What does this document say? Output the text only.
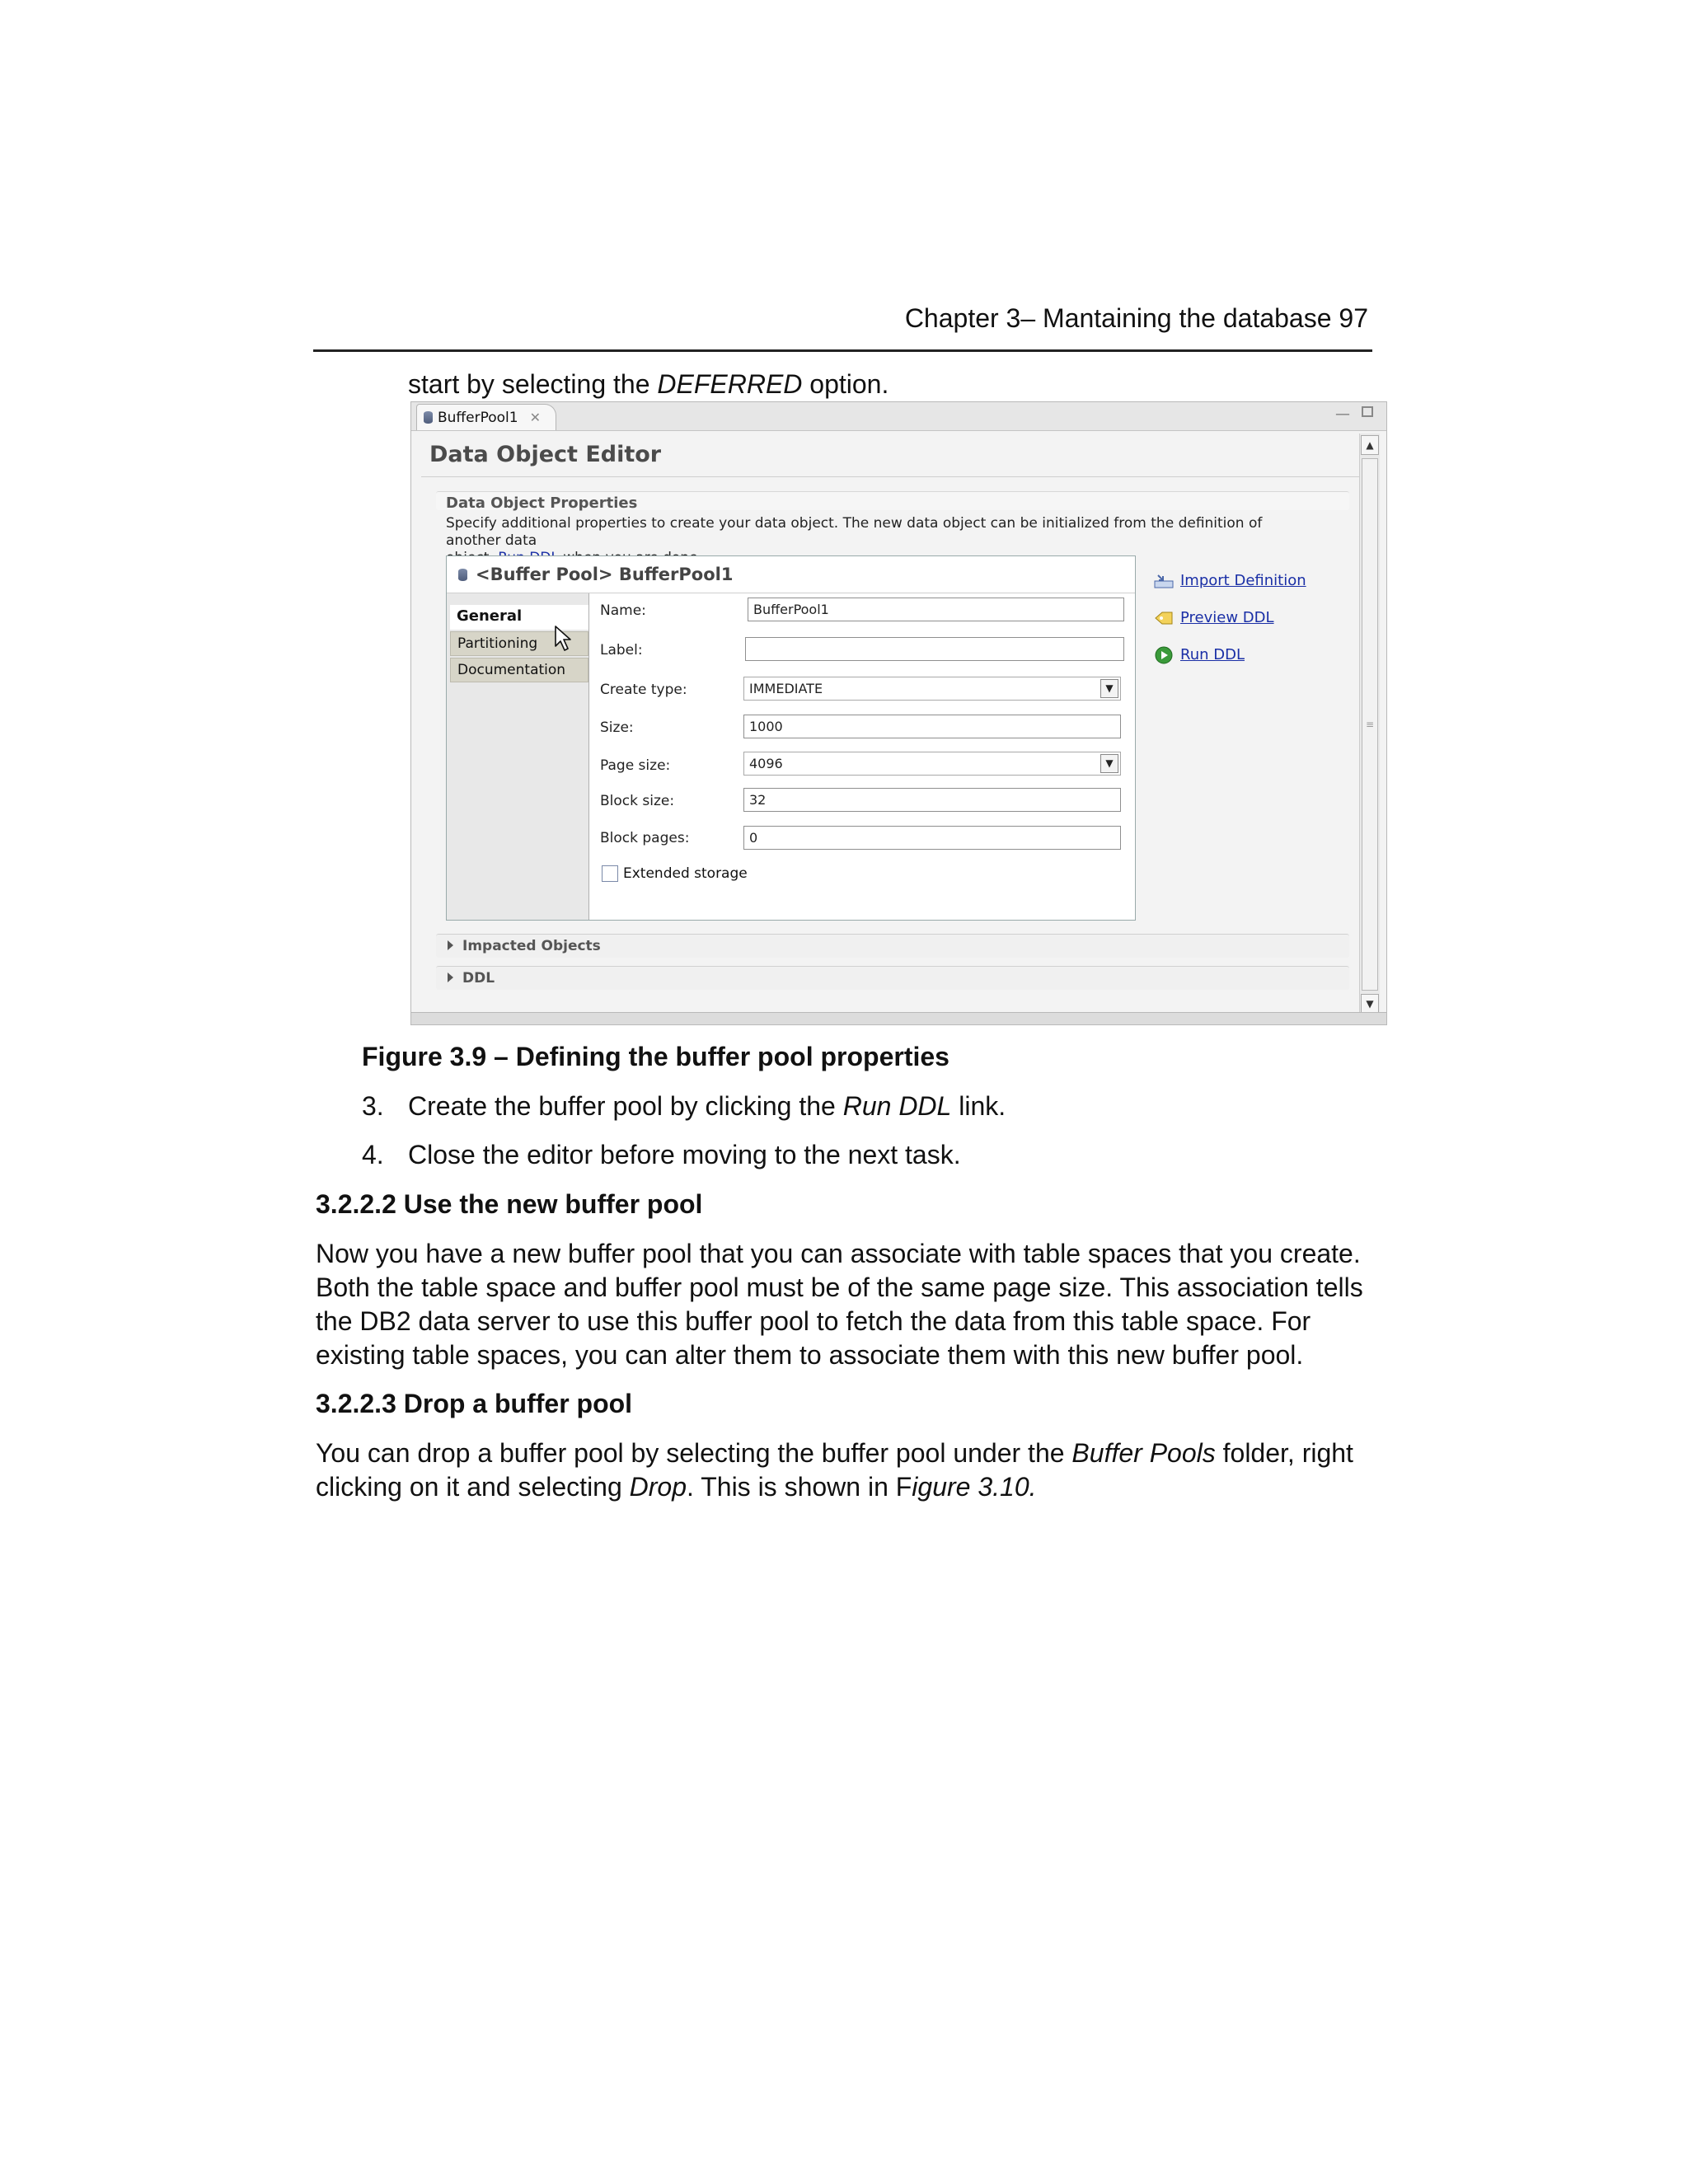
Chapter 3– Mantaining the database 97
start by selecting the DEFERRED option.
BufferPool1 ✕	—
Data Object Editor	▲
≡
▼
Data Object Properties
Specify additional properties to create your data object. The new data object can be initialized from the definition of another data
<Buffer Pool> BufferPool1
General
Partitioning
Documentation
Name:	BufferPool1
Label:
Create type:	IMMEDIATE	▼
Size:	1000
Page size:	4096	▼
Block size:	32
Block pages:	0
Extended storage
Import Definition
Preview DDL
Run DDL
Impacted Objects
DDL
Figure 3.9 – Defining the buffer pool properties
3. Create the buffer pool by clicking the Run DDL link.
4. Close the editor before moving to the next task.
3.2.2.2 Use the new buffer pool
Now you have a new buffer pool that you can associate with table spaces that you create.
Both the table space and buffer pool must be of the same page size. This association tells
the DB2 data server to use this buffer pool to fetch the data from this table space. For
existing table spaces, you can alter them to associate them with this new buffer pool.
3.2.2.3 Drop a buffer pool
You can drop a buffer pool by selecting the buffer pool under the Buffer Pools folder, right
clicking on it and selecting Drop. This is shown in Figure 3.10.
